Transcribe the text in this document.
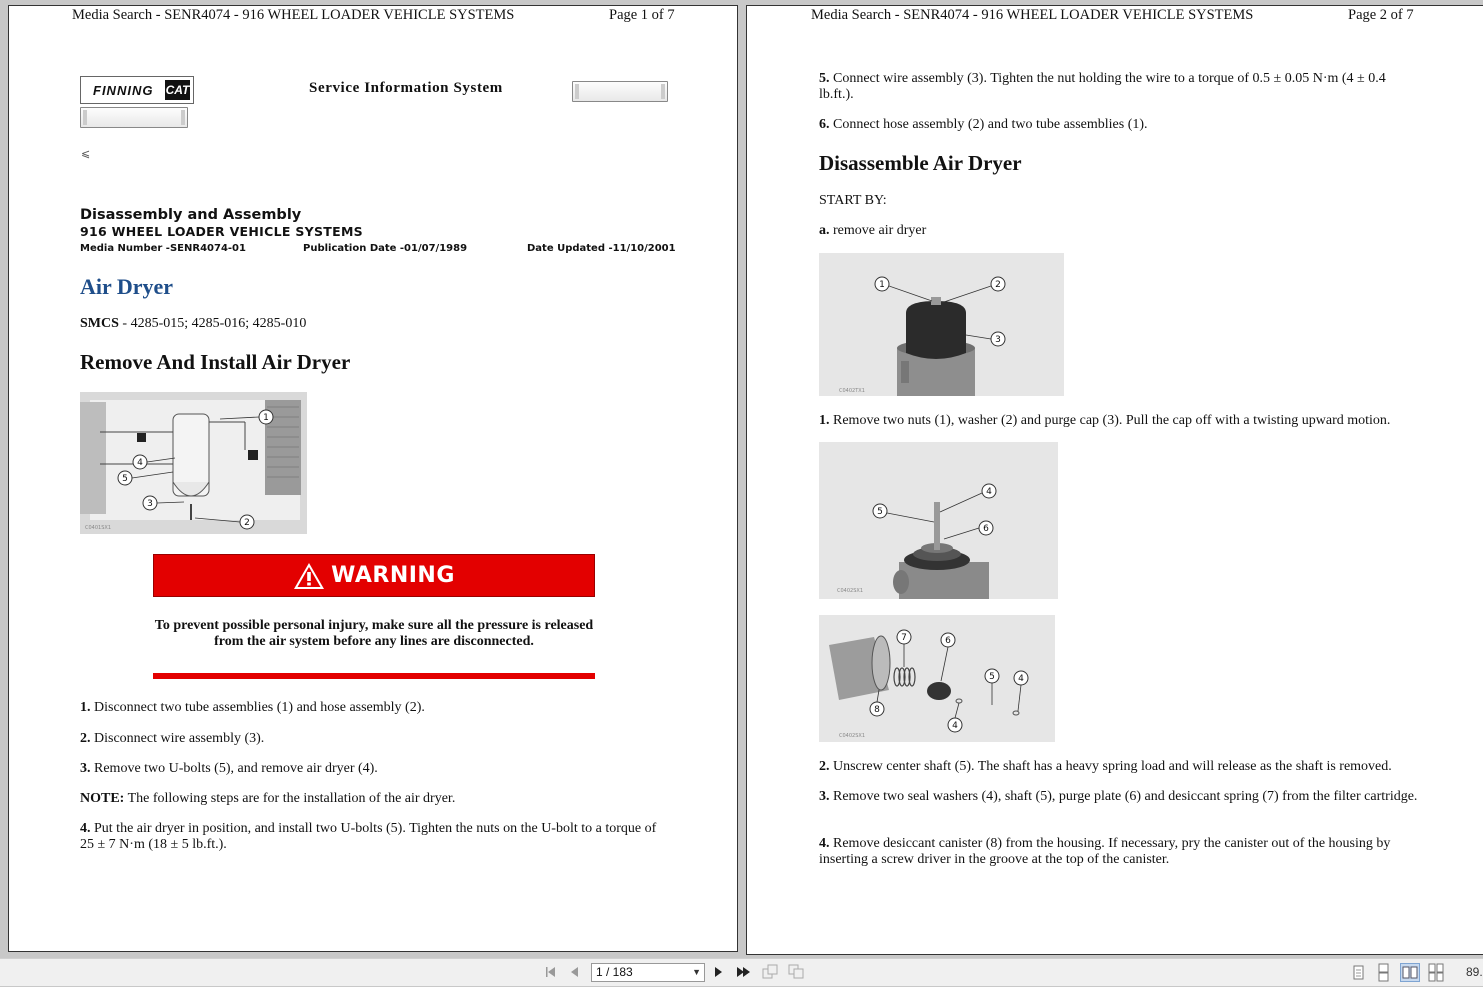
Media Search - SENR4074 - 916 WHEEL LOADER VEHICLE SYSTEMS	Page 1 of 7
FINNING CAT	Service Information System
⩽
Disassembly and Assembly
916 WHEEL LOADER VEHICLE SYSTEMS
Media Number -SENR4074-01	Publication Date -01/07/1989	Date Updated -11/10/2001
Air Dryer
SMCS - 4285-015; 4285-016; 4285-010
Remove And Install Air Dryer
1
4
5
3
2
C0401SX1
WARNING
To prevent possible personal injury, make sure all the pressure is released from the air system before any lines are disconnected.
1. Disconnect two tube assemblies (1) and hose assembly (2).
2. Disconnect wire assembly (3).
3. Remove two U-bolts (5), and remove air dryer (4).
NOTE: The following steps are for the installation of the air dryer.
4. Put the air dryer in position, and install two U-bolts (5). Tighten the nuts on the U-bolt to a torque of 25 ± 7 N·m (18 ± 5 lb.ft.).
Media Search - SENR4074 - 916 WHEEL LOADER VEHICLE SYSTEMS	Page 2 of 7
5. Connect wire assembly (3). Tighten the nut holding the wire to a torque of 0.5 ± 0.05 N·m (4 ± 0.4 lb.ft.).
6. Connect hose assembly (2) and two tube assemblies (1).
Disassemble Air Dryer
START BY:
a. remove air dryer
1	2
3
C0402TX1
1. Remove two nuts (1), washer (2) and purge cap (3). Pull the cap off with a twisting upward motion.
4
5
6
C0402SX1
7	6
5	4
8
4
C0402SX1
2. Unscrew center shaft (5). The shaft has a heavy spring load and will release as the shaft is removed.
3. Remove two seal washers (4), shaft (5), purge plate (6) and desiccant spring (7) from the filter cartridge.
4. Remove desiccant canister (8) from the housing. If necessary, pry the canister out of the housing by inserting a screw driver in the groove at the top of the canister.
1 / 183	▼	89.
